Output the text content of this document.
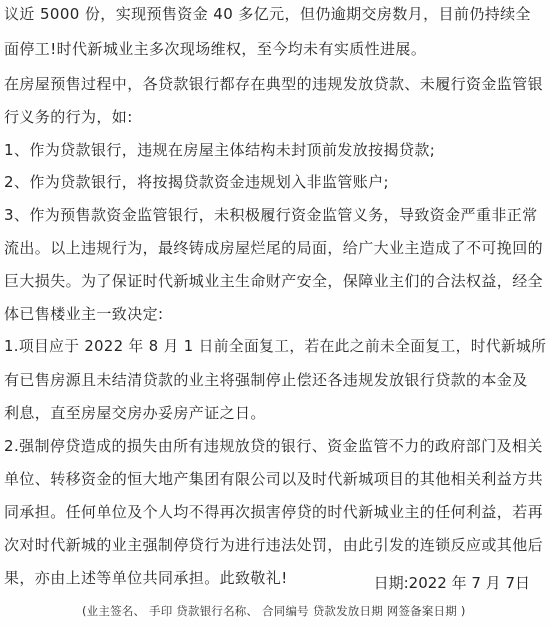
议近 5000 份，实现预售资金 40 多亿元，但仍逾期交房数月，目前仍持续全
面停工!时代新城业主多次现场维权，至今均未有实质性进展。
在房屋预售过程中，各贷款银行都存在典型的违规发放贷款、未履行资金监管银
行义务的行为，如:
1、作为贷款银行，违规在房屋主体结构未封顶前发放按揭贷款;
2、作为贷款银行，将按揭贷款资金违规划入非监管账户;
3、作为预售款资金监管银行，未积极履行资金监管义务，导致资金严重非正常
流出。以上违规行为，最终铸成房屋烂尾的局面，给广大业主造成了不可挽回的
巨大损失。为了保证时代新城业主生命财产安全，保障业主们的合法权益，经全
体已售楼业主一致决定:
1.项目应于 2022 年 8 月 1 日前全面复工，若在此之前未全面复工，时代新城所
有已售房源且未结清贷款的业主将强制停止偿还各违规发放银行贷款的本金及
利息，直至房屋交房办妥房产证之日。
2.强制停贷造成的损失由所有违规放贷的银行、资金监管不力的政府部门及相关
单位、转移资金的恒大地产集团有限公司以及时代新城项目的其他相关利益方共
同承担。任何单位及个人均不得再次损害停贷的时代新城业主的任何利益，若再
次对时代新城的业主强制停贷行为进行违法处罚，由此引发的连锁反应或其他后
果，亦由上述等单位共同承担。此致敬礼!	日期:2022 年 7 月 7日
(业主签名、 手印 贷款银行名称、 合同编号 贷款发放日期 网签备案日期 )
